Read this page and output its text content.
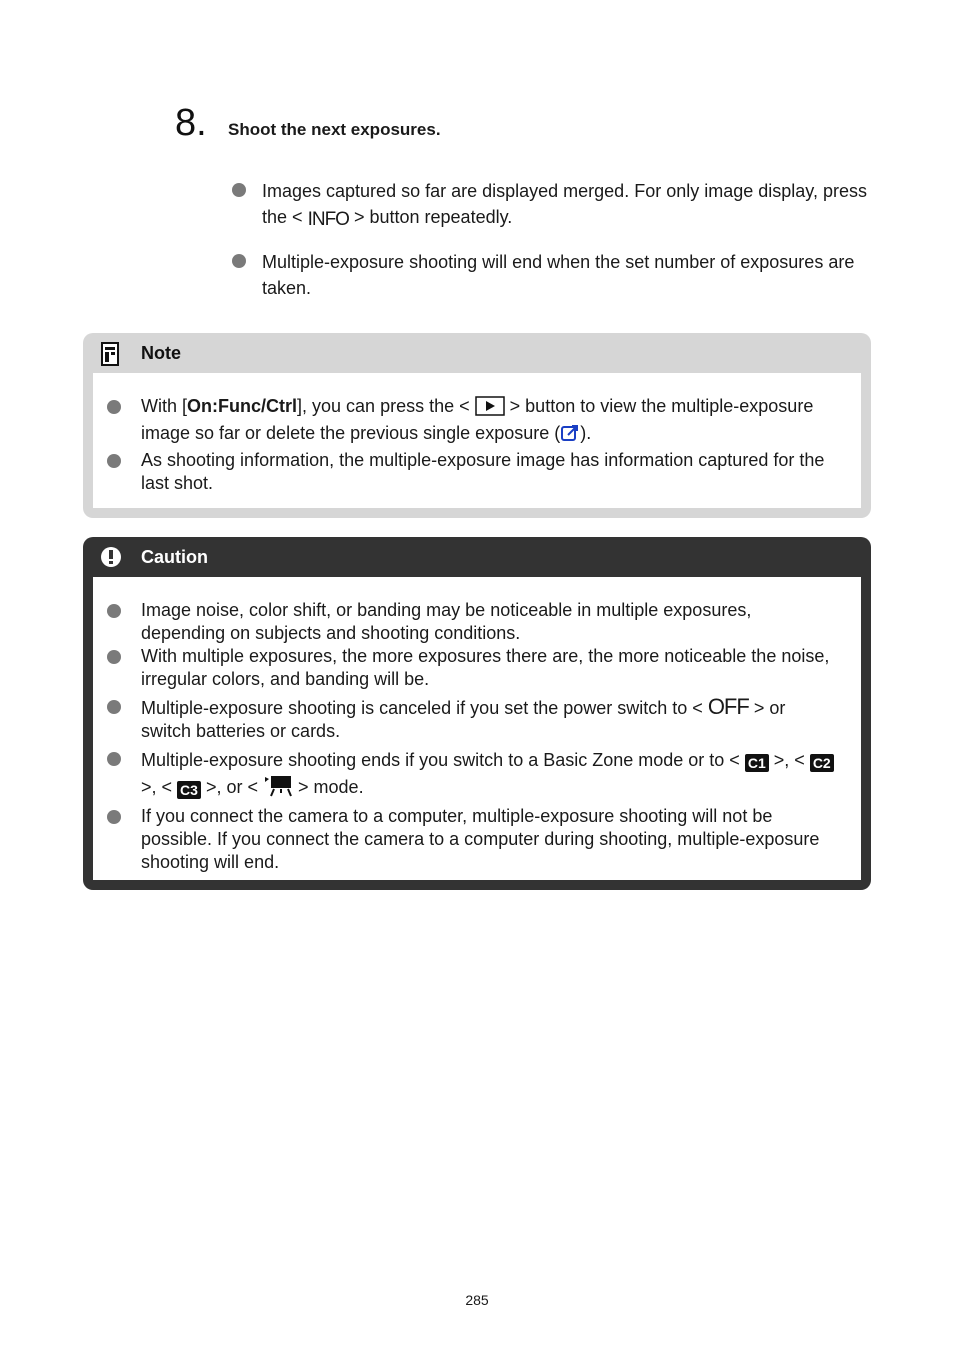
8. Shoot the next exposures.
Images captured so far are displayed merged. For only image display, press the < INFO > button repeatedly.
Multiple-exposure shooting will end when the set number of exposures are taken.
Note
With [On:Func/Ctrl], you can press the < > button to view the multiple-exposure image so far or delete the previous single exposure ( ).
As shooting information, the multiple-exposure image has information captured for the last shot.
Caution
Image noise, color shift, or banding may be noticeable in multiple exposures, depending on subjects and shooting conditions.
With multiple exposures, the more exposures there are, the more noticeable the noise, irregular colors, and banding will be.
Multiple-exposure shooting is canceled if you set the power switch to < OFF > or switch batteries or cards.
Multiple-exposure shooting ends if you switch to a Basic Zone mode or to < C1 >, < C2 >, < C3 >, or < > mode.
If you connect the camera to a computer, multiple-exposure shooting will not be possible. If you connect the camera to a computer during shooting, multiple-exposure shooting will end.
285
